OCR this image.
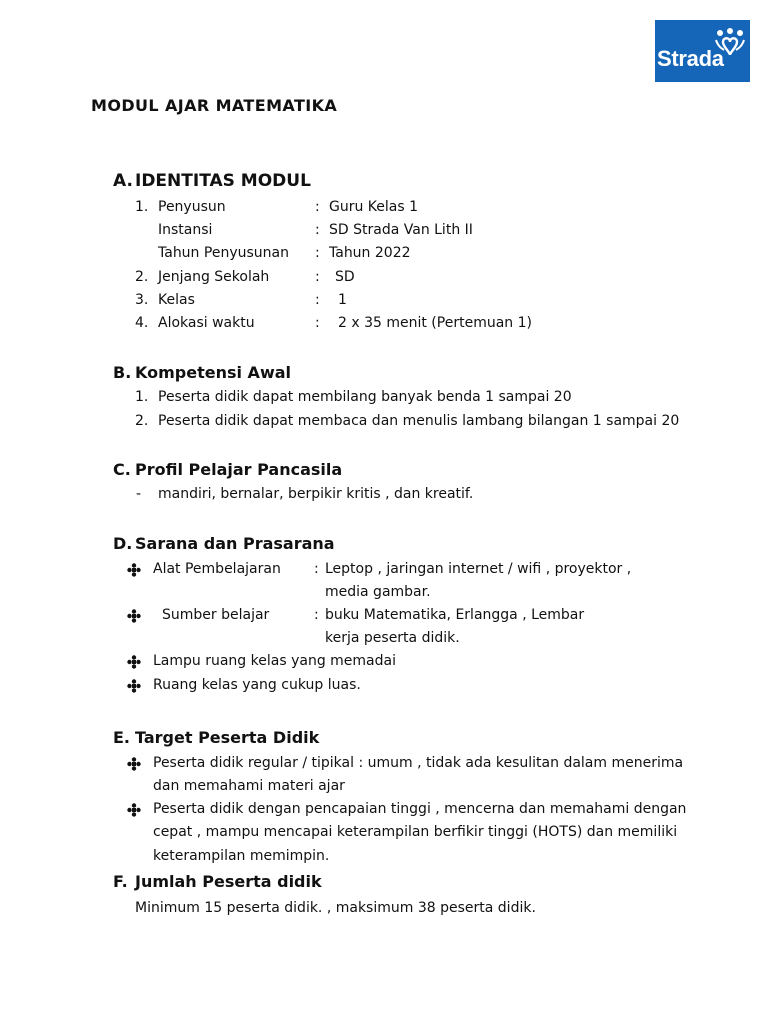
Strada
MODUL AJAR MATEMATIKA
A. IDENTITAS MODUL
1. Penyusun	: Guru Kelas 1
Instansi	: SD Strada Van Lith II
Tahun Penyusunan : Tahun 2022
2. Jenjang Sekolah	: SD
3. Kelas	: 1
4. Alokasi waktu	: 2 x 35 menit (Pertemuan 1)
B. Kompetensi Awal
1. Peserta didik dapat membilang banyak benda 1 sampai 20
2. Peserta didik dapat membaca dan menulis lambang bilangan 1 sampai 20
C. Profil Pelajar Pancasila
- mandiri, bernalar, berpikir kritis , dan kreatif.
D. Sarana dan Prasarana
Alat Pembelajaran : Leptop , jaringan internet / wifi , proyektor ,
media gambar.
Sumber belajar	: buku Matematika, Erlangga , Lembar
kerja peserta didik.
Lampu ruang kelas yang memadai
Ruang kelas yang cukup luas.
E. Target Peserta Didik
Peserta didik regular / tipikal : umum , tidak ada kesulitan dalam menerima
dan memahami materi ajar
Peserta didik dengan pencapaian tinggi , mencerna dan memahami dengan
cepat , mampu mencapai keterampilan berfikir tinggi (HOTS) dan memiliki
keterampilan memimpin.
F. Jumlah Peserta didik
Minimum 15 peserta didik. , maksimum 38 peserta didik.
